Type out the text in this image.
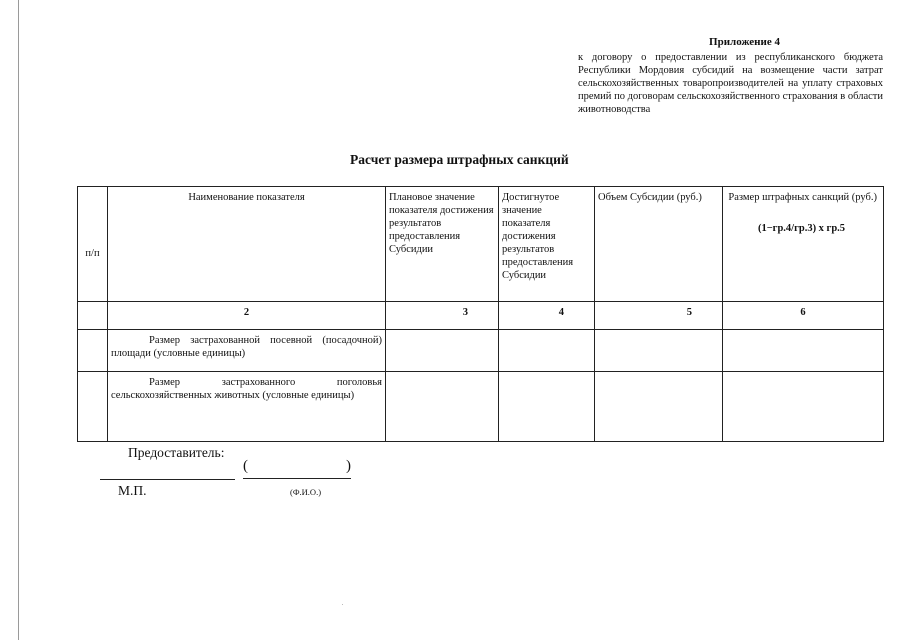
Приложение 4
к договору о предоставлении из республиканского бюджета Республики Мордовия субсидий на возмещение части затрат сельскохозяйственных товаропроизводителей на уплату страховых премий по договорам сельскохозяйственного страхования в области животноводства
Расчет размера штрафных санкций
п/п	Наименование показателя	Плановое значение показателя достижения результатов предоставления Субсидии	Достигнутое значение показателя достижения результатов предоставления Субсидии	Объем Субсидии (руб.)	Размер штрафных санкций (руб.)
(1−гр.4/гр.3) х гр.5

	2	3	4	5	6
	Размер застрахованной посевной (посадочной) площади (условные единицы)				
	Размер застрахованного поголовья сельскохозяйственных животных (условные единицы)				
Предоставитель:
(	)
М.П.	(Ф.И.О.)
